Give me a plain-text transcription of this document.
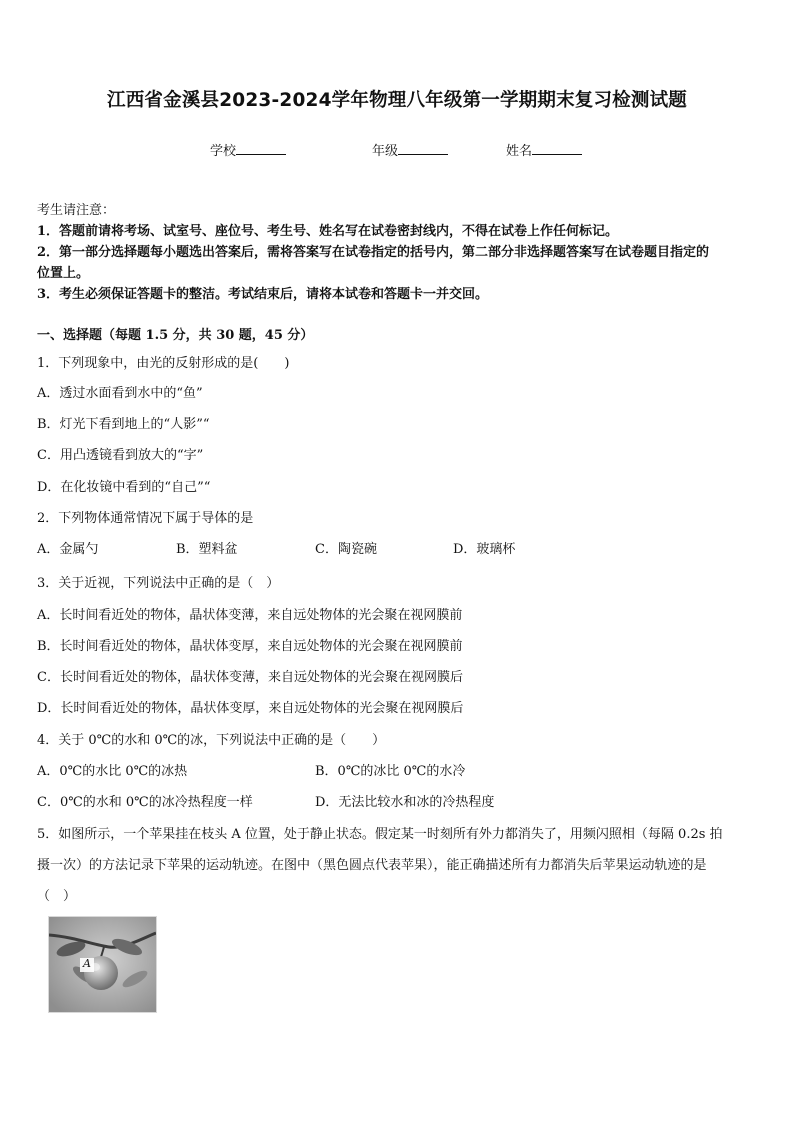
江西省金溪县2023-2024学年物理八年级第一学期期末复习检测试题
学校	年级	姓名
考生请注意：
1．答题前请将考场、试室号、座位号、考生号、姓名写在试卷密封线内，不得在试卷上作任何标记。
2．第一部分选择题每小题选出答案后，需将答案写在试卷指定的括号内，第二部分非选择题答案写在试卷题目指定的
位置上。
3．考生必须保证答题卡的整洁。考试结束后，请将本试卷和答题卡一并交回。
一、选择题（每题 1.5 分，共 30 题，45 分）
1．下列现象中，由光的反射形成的是(　　)
A．透过水面看到水中的“鱼”
B．灯光下看到地上的“人影”“
C．用凸透镜看到放大的“字”
D．在化妆镜中看到的“自己”“
2．下列物体通常情况下属于导体的是
A．金属勺	B．塑料盆	C．陶瓷碗	D．玻璃杯
3．关于近视，下列说法中正确的是（　）
A．长时间看近处的物体，晶状体变薄，来自远处物体的光会聚在视网膜前
B．长时间看近处的物体，晶状体变厚，来自远处物体的光会聚在视网膜前
C．长时间看近处的物体，晶状体变薄，来自远处物体的光会聚在视网膜后
D．长时间看近处的物体，晶状体变厚，来自远处物体的光会聚在视网膜后
4．关于 0℃的水和 0℃的冰，下列说法中正确的是（　　）
A．0℃的水比 0℃的冰热	B．0℃的冰比 0℃的水冷
C．0℃的水和 0℃的冰冷热程度一样	D．无法比较水和冰的冷热程度
5．如图所示，一个苹果挂在枝头 A 位置，处于静止状态。假定某一时刻所有外力都消失了，用频闪照相（每隔 0.2s 拍
摄一次）的方法记录下苹果的运动轨迹。在图中（黑色圆点代表苹果），能正确描述所有力都消失后苹果运动轨迹的是
（　）
A
